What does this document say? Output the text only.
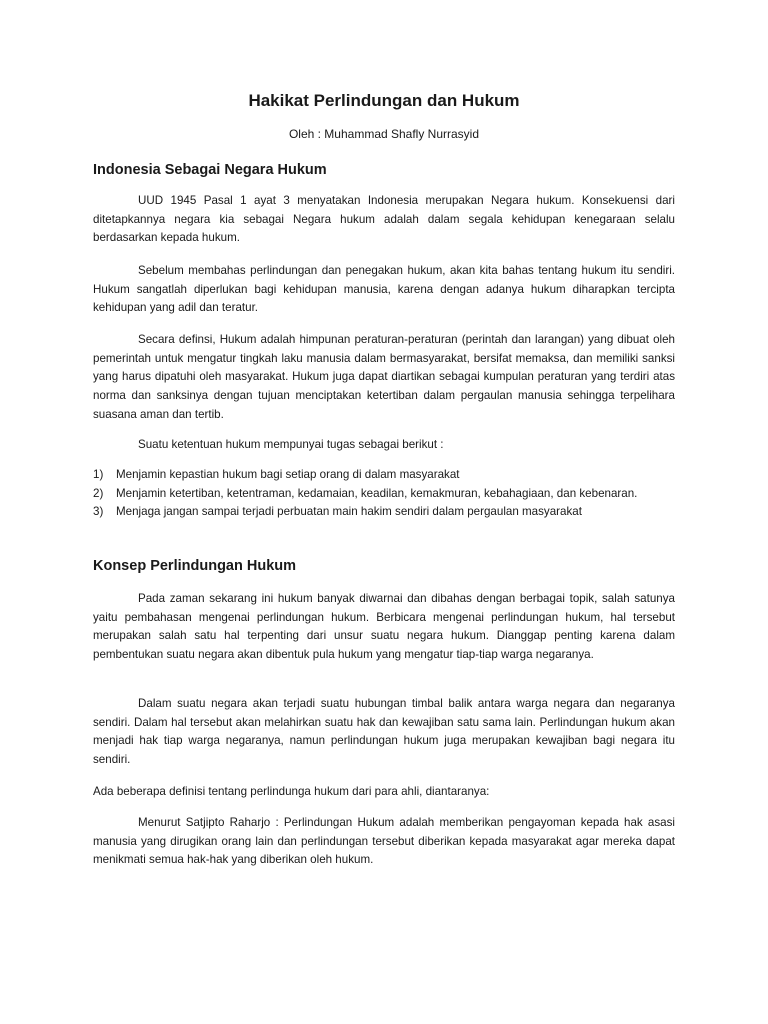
Hakikat Perlindungan dan Hukum

Oleh : Muhammad Shafly Nurrasyid

Indonesia Sebagai Negara Hukum

UUD 1945 Pasal 1 ayat 3 menyatakan Indonesia merupakan Negara hukum. Konsekuensi dari ditetapkannya negara kia sebagai Negara hukum adalah dalam segala kehidupan kenegaraan selalu berdasarkan kepada hukum.

Sebelum membahas perlindungan dan penegakan hukum, akan kita bahas tentang hukum itu sendiri. Hukum sangatlah diperlukan bagi kehidupan manusia, karena dengan adanya hukum diharapkan tercipta kehidupan yang adil dan teratur.

Secara definsi, Hukum adalah himpunan peraturan-peraturan (perintah dan larangan) yang dibuat oleh pemerintah untuk mengatur tingkah laku manusia dalam bermasyarakat, bersifat memaksa, dan memiliki sanksi yang harus dipatuhi oleh masyarakat. Hukum juga dapat diartikan sebagai kumpulan peraturan yang terdiri atas norma dan sanksinya dengan tujuan menciptakan ketertiban dalam pergaulan manusia sehingga terpelihara suasana aman dan tertib.

Suatu ketentuan hukum mempunyai tugas sebagai berikut :

1) Menjamin kepastian hukum bagi setiap orang di dalam masyarakat
2) Menjamin ketertiban, ketentraman, kedamaian, keadilan, kemakmuran, kebahagiaan, dan kebenaran.
3) Menjaga jangan sampai terjadi perbuatan main hakim sendiri dalam pergaulan masyarakat
Konsep Perlindungan Hukum

Pada zaman sekarang ini hukum banyak diwarnai dan dibahas dengan berbagai topik, salah satunya yaitu pembahasan mengenai perlindungan hukum. Berbicara mengenai perlindungan hukum, hal tersebut merupakan salah satu hal terpenting dari unsur suatu negara hukum. Dianggap penting karena dalam pembentukan suatu negara akan dibentuk pula hukum yang mengatur tiap-tiap warga negaranya.

Dalam suatu negara akan terjadi suatu hubungan timbal balik antara warga negara dan negaranya sendiri. Dalam hal tersebut akan melahirkan suatu hak dan kewajiban satu sama lain. Perlindungan hukum akan menjadi hak tiap warga negaranya, namun perlindungan hukum juga merupakan kewajiban bagi negara itu sendiri.

Ada beberapa definisi tentang perlindunga hukum dari para ahli, diantaranya:

Menurut Satjipto Raharjo : Perlindungan Hukum adalah memberikan pengayoman kepada hak asasi manusia yang dirugikan orang lain dan perlindungan tersebut diberikan kepada masyarakat agar mereka dapat menikmati semua hak-hak yang diberikan oleh hukum.
